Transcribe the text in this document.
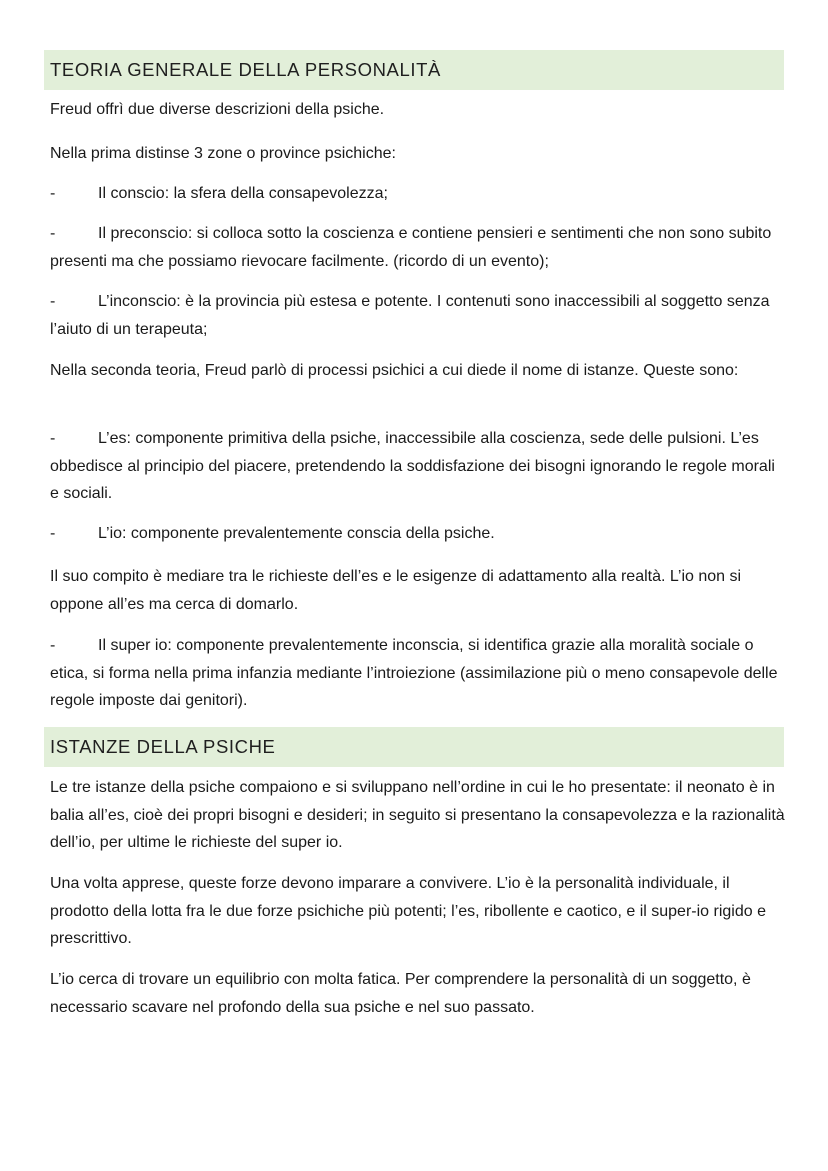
TEORIA GENERALE DELLA PERSONALITÀ

Freud offrì due diverse descrizioni della psiche.

Nella prima distinse 3 zone o province psichiche:

-	Il conscio: la sfera della consapevolezza;

-	Il preconscio: si colloca sotto la coscienza e contiene pensieri e sentimenti che non sono subito presenti ma che possiamo rievocare facilmente. (ricordo di un evento);

-	L’inconscio: è la provincia più estesa e potente. I contenuti sono inaccessibili al soggetto senza l’aiuto di un terapeuta;

Nella seconda teoria, Freud parlò di processi psichici a cui diede il nome di istanze. Queste sono:

-	L’es: componente primitiva della psiche, inaccessibile alla coscienza, sede delle pulsioni. L’es obbedisce al principio del piacere, pretendendo la soddisfazione dei bisogni ignorando le regole morali e sociali.

-	L’io: componente prevalentemente conscia della psiche.

Il suo compito è mediare tra le richieste dell’es e le esigenze di adattamento alla realtà. L’io non si oppone all’es ma cerca di domarlo.

-	Il super io: componente prevalentemente inconscia, si identifica grazie alla moralità sociale o etica, si forma nella prima infanzia mediante l’introiezione (assimilazione più o meno consapevole delle regole imposte dai genitori).

ISTANZE DELLA PSICHE

Le tre istanze della psiche compaiono e si sviluppano nell’ordine in cui le ho presentate: il neonato è in balia all’es, cioè dei propri bisogni e desideri; in seguito si presentano la consapevolezza e la razionalità dell’io, per ultime le richieste del super io.

Una volta apprese, queste forze devono imparare a convivere. L’io è la personalità individuale, il prodotto della lotta fra le due forze psichiche più potenti; l’es, ribollente e caotico, e il super-io rigido e prescrittivo.

L’io cerca di trovare un equilibrio con molta fatica. Per comprendere la personalità di un soggetto, è necessario scavare nel profondo della sua psiche e nel suo passato.
